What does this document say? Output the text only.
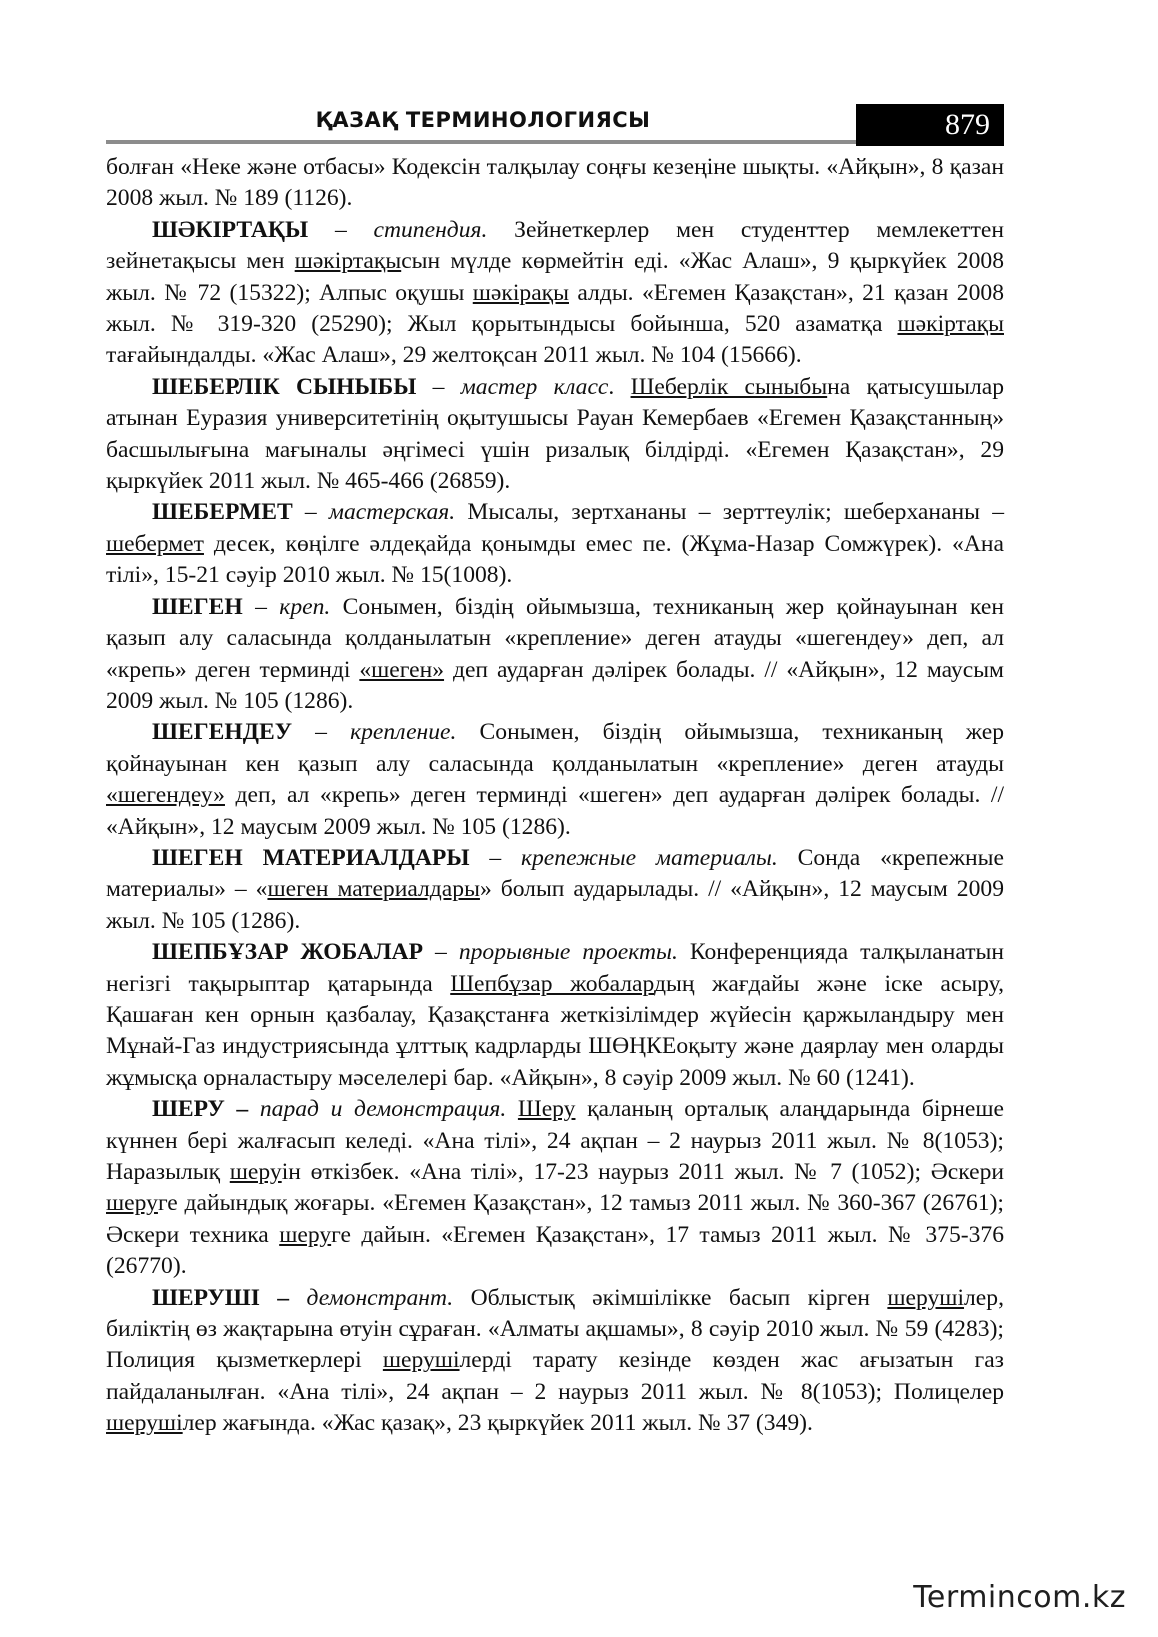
ҚАЗАҚ ТЕРМИНОЛОГИЯСЫ	879

болған «Неке және отбасы» Кодексін талқылау соңғы кезеңіне шықты. «Айқын», 8 қазан 2008 жыл. № 189 (1126).

ШӘКІРТАҚЫ – стипендия. Зейнеткерлер мен студенттер мемлекеттен зейнетақысы мен шәкіртақысын мүлде көрмейтін еді. «Жас Алаш», 9 қыркүйек 2008 жыл. № 72 (15322); Алпыс оқушы шәкірақы алды. «Егемен Қазақстан», 21 қазан 2008 жыл. № 319-320 (25290); Жыл қорытындысы бойынша, 520 азаматқа шәкіртақы тағайындалды. «Жас Алаш», 29 желтоқсан 2011 жыл. № 104 (15666).

ШЕБЕРЛІК СЫНЫБЫ – мастер класс. Шеберлік сыныбына қатысушылар атынан Еуразия университетінің оқытушысы Рауан Кемербаев «Егемен Қазақстанның» басшылығына мағыналы әңгімесі үшін ризалық білдірді. «Егемен Қазақстан», 29 қыркүйек 2011 жыл. № 465-466 (26859).

ШЕБЕРМЕТ – мастерская. Мысалы, зертхананы – зерттеулік; шеберхананы – шебермет десек, көңілге әлдеқайда қонымды емес пе. (Жұма-Назар Сомжүрек). «Ана тілі», 15-21 сәуір 2010 жыл. № 15(1008).

ШЕГЕН – креп. Сонымен, біздің ойымызша, техниканың жер қойнауынан кен қазып алу саласында қолданылатын «крепление» деген атауды «шегендеу» деп, ал «крепь» деген терминді «шеген» деп аударған дәлірек болады. // «Айқын», 12 маусым 2009 жыл. № 105 (1286).

ШЕГЕНДЕУ – крепление. Сонымен, біздің ойымызша, техниканың жер қойнауынан кен қазып алу саласында қолданылатын «крепление» деген атауды «шегендеу» деп, ал «крепь» деген терминді «шеген» деп аударған дәлірек болады. // «Айқын», 12 маусым 2009 жыл. № 105 (1286).

ШЕГЕН МАТЕРИАЛДАРЫ – крепежные материалы. Сонда «крепежные материалы» – «шеген материалдары» болып аударылады. // «Айқын», 12 маусым 2009 жыл. № 105 (1286).

ШЕПБҰЗАР ЖОБАЛАР – прорывные проекты. Конференцияда талқыланатын негізгі тақырыптар қатарында Шепбұзар жобалардың жағдайы және іске асыру, Қашаған кен орнын қазбалау, Қазақстанға жеткізілімдер жүйесін қаржыландыру мен Мұнай-Газ индустриясында ұлттық кадрларды ШӨҢКЕоқыту және даярлау мен оларды жұмысқа орналастыру мәселелері бар. «Айқын», 8 сәуір 2009 жыл. № 60 (1241).

ШЕРУ – парад и демонстрация. Шеру қаланың орталық алаңдарында бірнеше күннен бері жалғасып келеді. «Ана тілі», 24 ақпан – 2 наурыз 2011 жыл. № 8(1053); Наразылық шеруін өткізбек. «Ана тілі», 17-23 наурыз 2011 жыл. № 7 (1052); Әскери шеруге дайындық жоғары. «Егемен Қазақстан», 12 тамыз 2011 жыл. № 360-367 (26761); Әскери техника шеруге дайын. «Егемен Қазақстан», 17 тамыз 2011 жыл. № 375-376 (26770).

ШЕРУШІ – демонстрант. Облыстық әкімшілікке басып кірген шерушілер, биліктің өз жақтарына өтуін сұраған. «Алматы ақшамы», 8 сәуір 2010 жыл. № 59 (4283); Полиция қызметкерлері шерушілерді тарату кезінде көзден жас ағызатын газ пайдаланылған. «Ана тілі», 24 ақпан – 2 наурыз 2011 жыл. № 8(1053); Полицелер шерушілер жағында. «Жас қазақ», 23 қыркүйек 2011 жыл. № 37 (349).

Termincom.kz
